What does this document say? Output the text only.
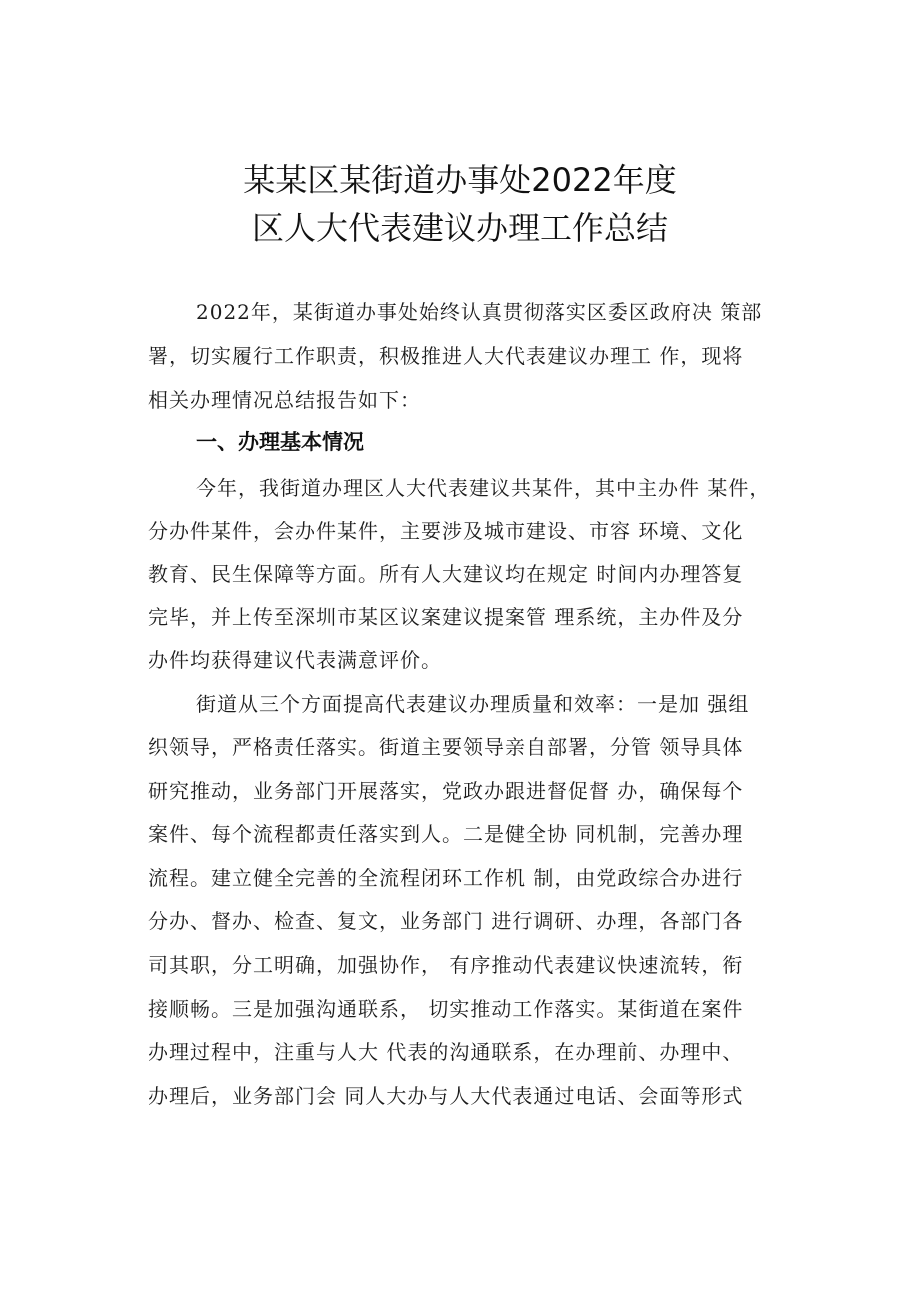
某某区某街道办事处2022年度
区人大代表建议办理工作总结
2022年，某街道办事处始终认真贯彻落实区委区政府决 策部
署，切实履行工作职责，积极推进人大代表建议办理工 作，现将
相关办理情况总结报告如下：
一、办理基本情况
今年，我街道办理区人大代表建议共某件，其中主办件 某件，
分办件某件，会办件某件，主要涉及城市建设、市容 环境、文化
教育、民生保障等方面。所有人大建议均在规定 时间内办理答复
完毕，并上传至深圳市某区议案建议提案管 理系统，主办件及分
办件均获得建议代表满意评价。
街道从三个方面提高代表建议办理质量和效率：一是加 强组
织领导，严格责任落实。街道主要领导亲自部署，分管 领导具体
研究推动，业务部门开展落实，党政办跟进督促督 办，确保每个
案件、每个流程都责任落实到人。二是健全协 同机制，完善办理
流程。建立健全完善的全流程闭环工作机 制，由党政综合办进行
分办、督办、检查、复文，业务部门 进行调研、办理，各部门各
司其职，分工明确，加强协作， 有序推动代表建议快速流转，衔
接顺畅。三是加强沟通联系， 切实推动工作落实。某街道在案件
办理过程中，注重与人大 代表的沟通联系，在办理前、办理中、
办理后，业务部门会 同人大办与人大代表通过电话、会面等形式
